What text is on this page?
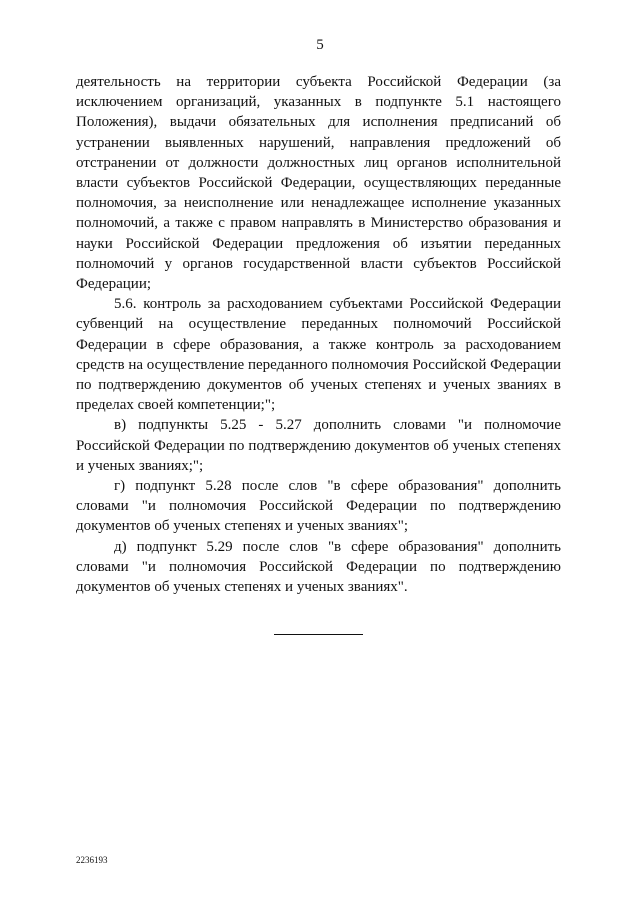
5

деятельность на территории субъекта Российской Федерации (за исключением организаций, указанных в подпункте 5.1 настоящего Положения), выдачи обязательных для исполнения предписаний об устранении выявленных нарушений, направления предложений об отстранении от должности должностных лиц органов исполнительной власти субъектов Российской Федерации, осуществляющих переданные полномочия, за неисполнение или ненадлежащее исполнение указанных полномочий, а также с правом направлять в Министерство образования и науки Российской Федерации предложения об изъятии переданных полномочий у органов государственной власти субъектов Российской Федерации;

5.6. контроль за расходованием субъектами Российской Федерации субвенций на осуществление переданных полномочий Российской Федерации в сфере образования, а также контроль за расходованием средств на осуществление переданного полномочия Российской Федерации по подтверждению документов об ученых степенях и ученых званиях в пределах своей компетенции;";

в) подпункты 5.25 - 5.27 дополнить словами "и полномочие Российской Федерации по подтверждению документов об ученых степенях и ученых званиях;";

г) подпункт 5.28 после слов "в сфере образования" дополнить словами "и полномочия Российской Федерации по подтверждению документов об ученых степенях и ученых званиях";

д) подпункт 5.29 после слов "в сфере образования" дополнить словами "и полномочия Российской Федерации по подтверждению документов об ученых степенях и ученых званиях".

2236193
